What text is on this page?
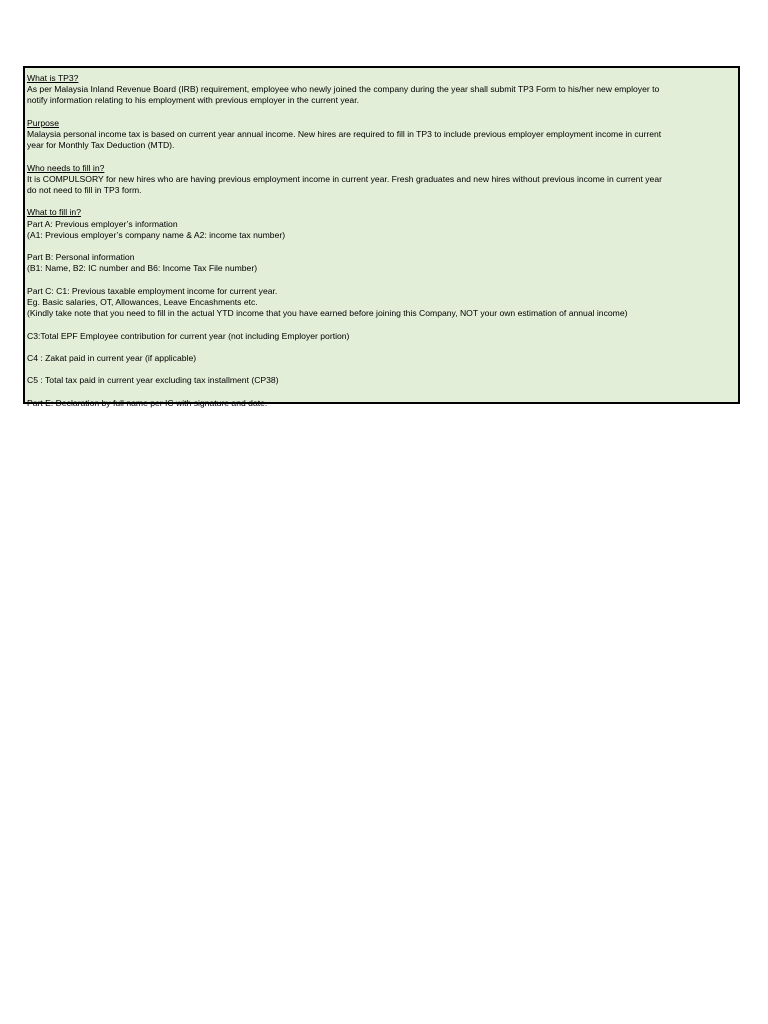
What is TP3?
As per Malaysia Inland Revenue Board (IRB) requirement, employee who newly joined the company during the year shall submit TP3 Form to his/her new employer to
notify information relating to his employment with previous employer in the current year.
Purpose
Malaysia personal income tax is based on current year annual income. New hires are required to fill in TP3 to include previous employer employment income in current
year for Monthly Tax Deduction (MTD).
Who needs to fill in?
It is COMPULSORY for new hires who are having previous employment income in current year. Fresh graduates and new hires without previous income in current year
do not need to fill in TP3 form.
What to fill in?
Part A: Previous employer’s information
(A1: Previous employer’s company name & A2: income tax number)
Part B: Personal information
(B1: Name, B2: IC number and B6: Income Tax File number)
Part C: C1: Previous taxable employment income for current year.
Eg. Basic salaries, OT, Allowances, Leave Encashments etc.
(Kindly take note that you need to fill in the actual YTD income that you have earned before joining this Company, NOT your own estimation of annual income)
C3:Total EPF Employee contribution for current year (not including Employer portion)
C4 : Zakat paid in current year (if applicable)
C5 : Total tax paid in current year excluding tax installment (CP38)
Part E: Declaration by full name per IC with signature and date.
